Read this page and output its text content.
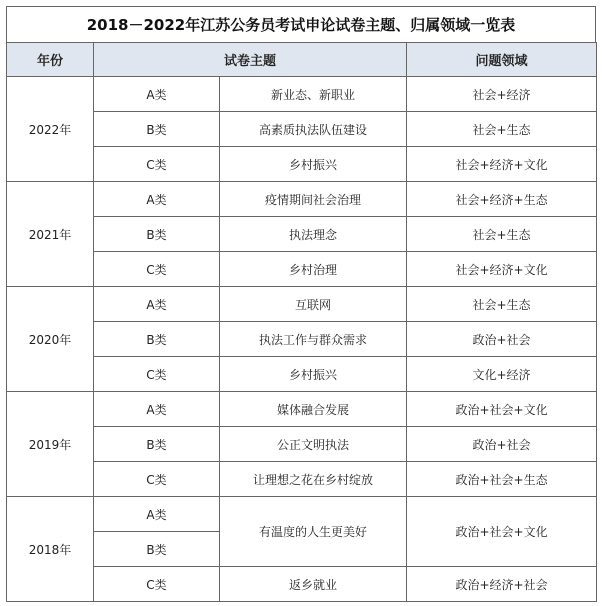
2018－2022年江苏公务员考试申论试卷主题、归属领域一览表
年份	试卷主题		问题领域
2022年	A类	新业态、新职业	社会+经济
	B类	高素质执法队伍建设	社会+生态
	C类	乡村振兴	社会+经济+文化
2021年	A类	疫情期间社会治理	社会+经济+生态
	B类	执法理念	社会+生态
	C类	乡村治理	社会+经济+文化
2020年	A类	互联网	社会+生态
	B类	执法工作与群众需求	政治+社会
	C类	乡村振兴	文化+经济
2019年	A类	媒体融合发展	政治+社会+文化
	B类	公正文明执法	政治+社会
	C类	让理想之花在乡村绽放	政治+社会+生态
2018年	A类	有温度的人生更美好	政治+社会+文化
	B类		
	C类	返乡就业	政治+经济+社会
